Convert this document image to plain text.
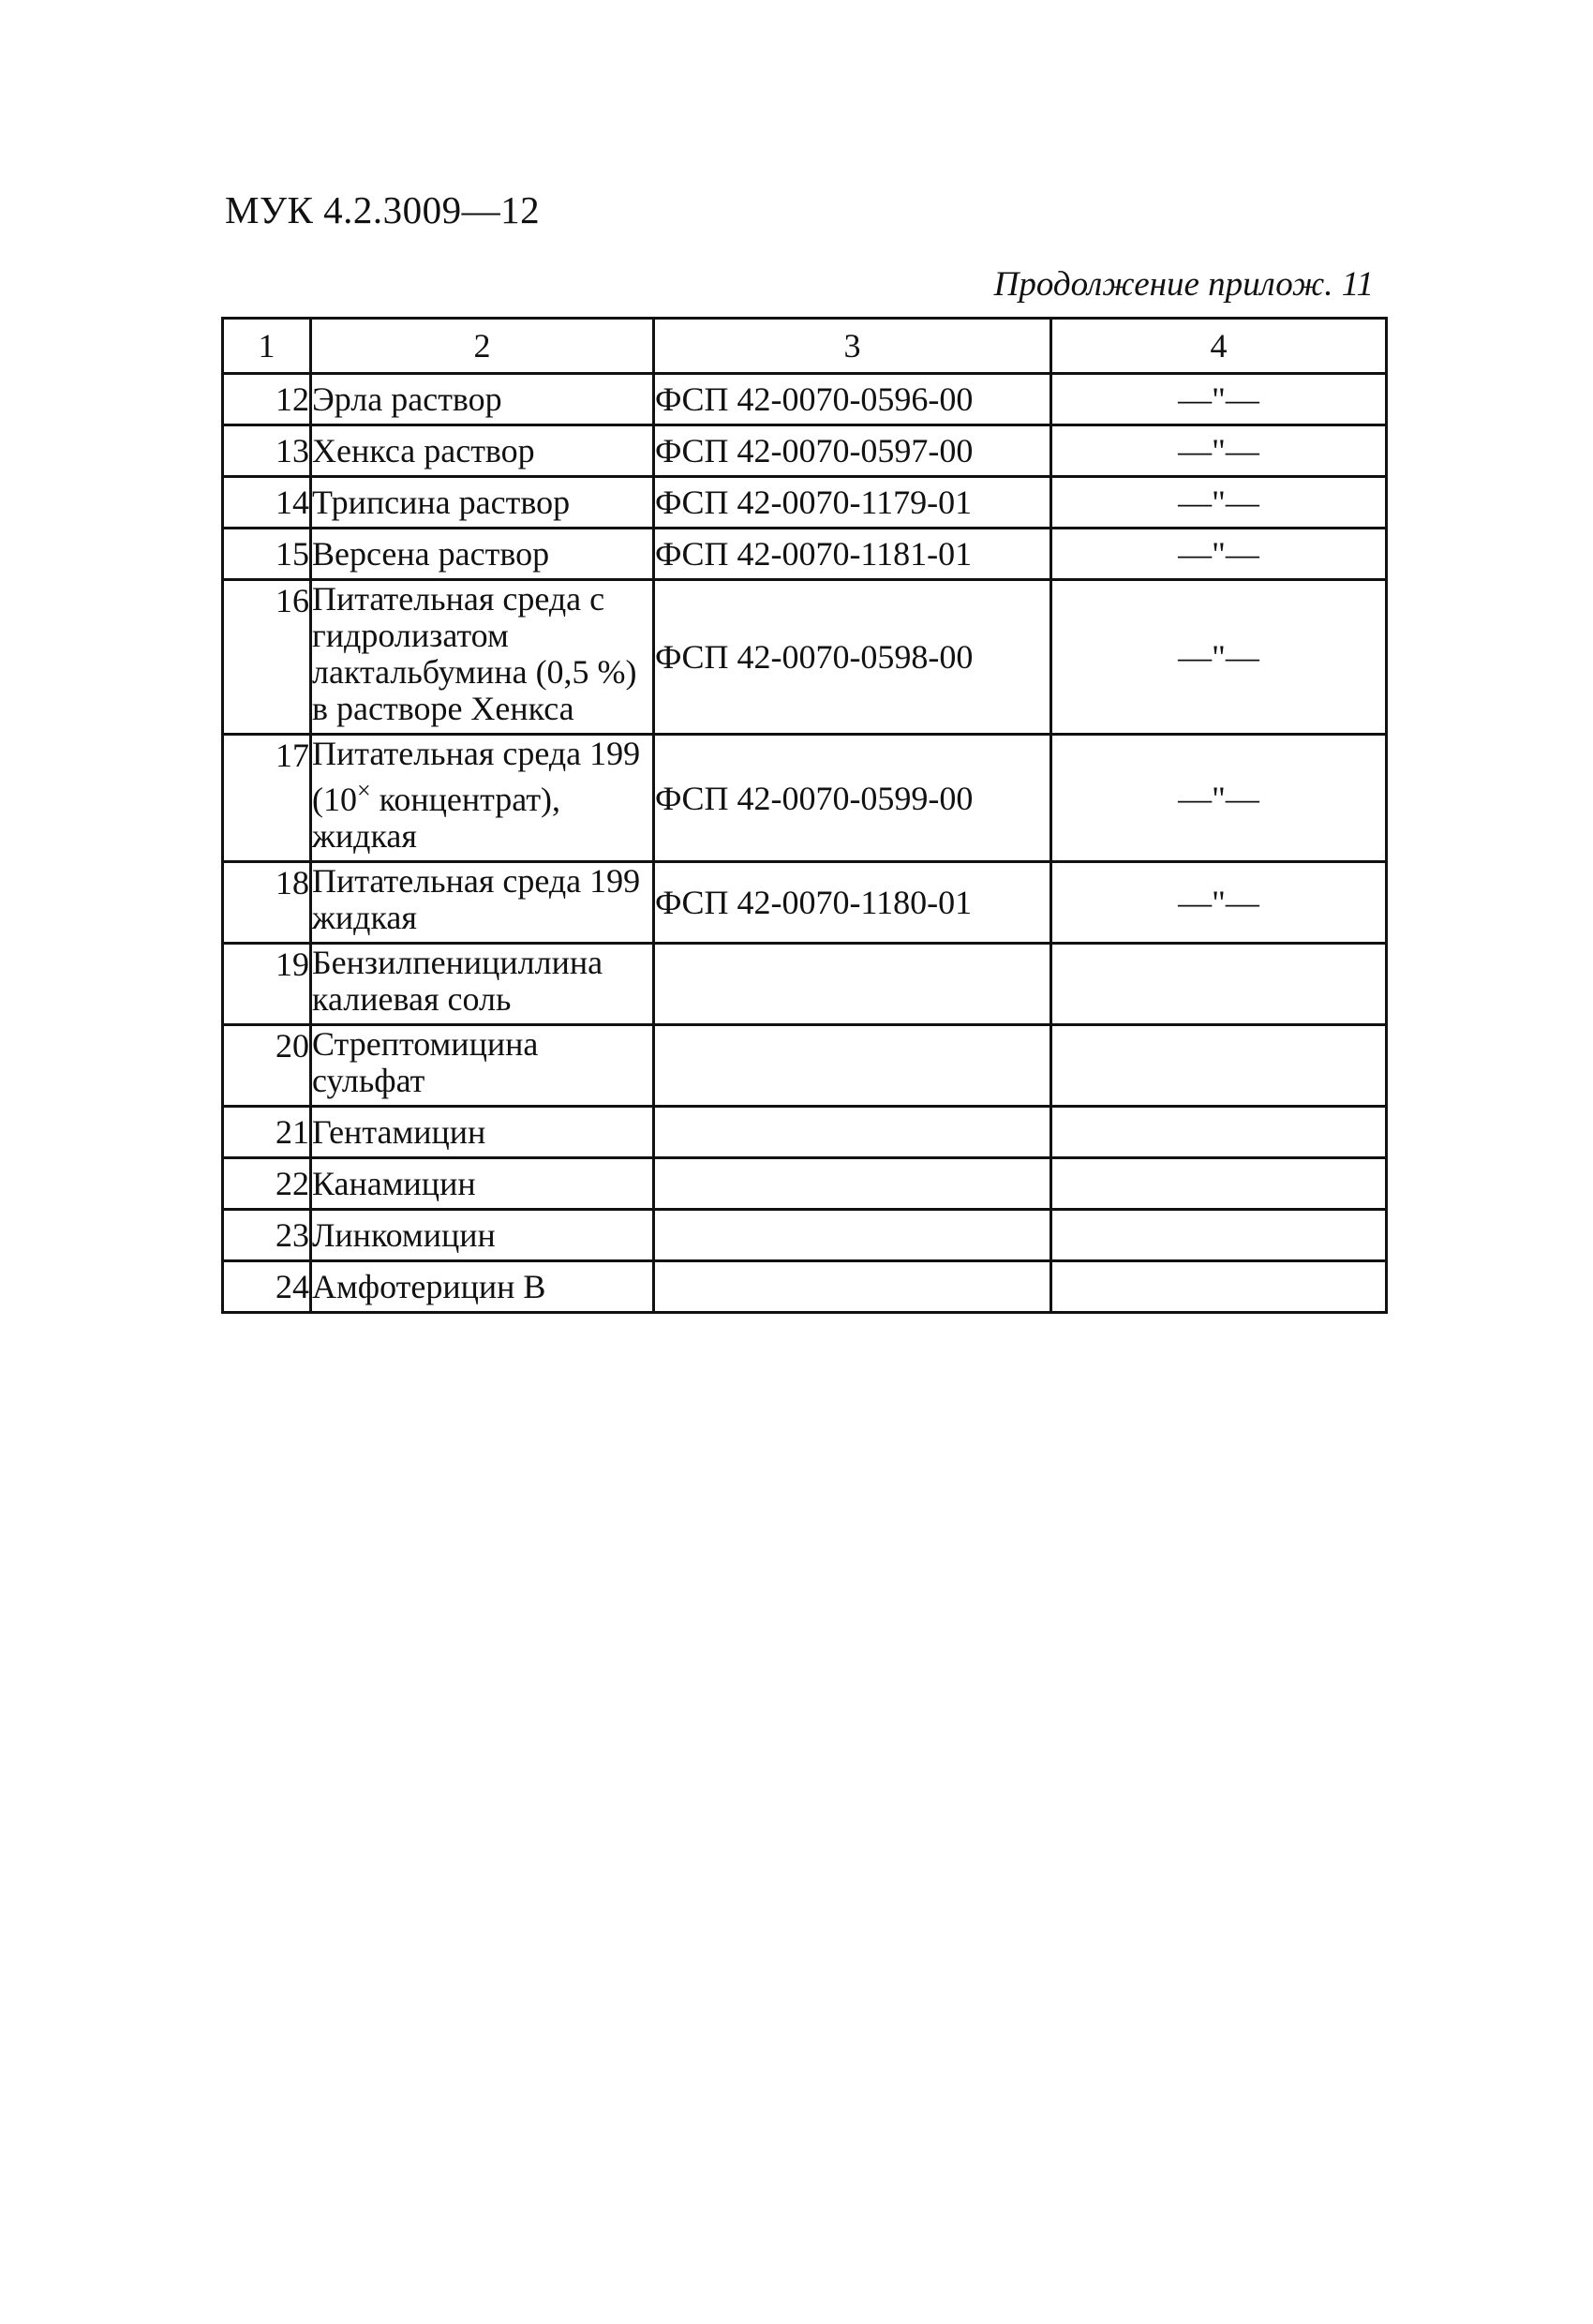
МУК 4.2.3009—12
Продолжение прилож. 11
1	2	3	4
12	Эрла раствор	ФСП 42-0070-0596-00	—"—
13	Хенкса раствор	ФСП 42-0070-0597-00	—"—
14	Трипсина раствор	ФСП 42-0070-1179-01	—"—
15	Версена раствор	ФСП 42-0070-1181-01	—"—
16	Питательная среда с гидролизатом лактальбумина (0,5 %) в растворе Хенкса	ФСП 42-0070-0598-00	—"—
17	Питательная среда 199 (10× концентрат), жидкая	ФСП 42-0070-0599-00	—"—
18	Питательная среда 199 жидкая	ФСП 42-0070-1180-01	—"—
19	Бензилпенициллина калиевая соль		
20	Стрептомицина сульфат		
21	Гентамицин		
22	Канамицин		
23	Линкомицин		
24	Амфотерицин В		
